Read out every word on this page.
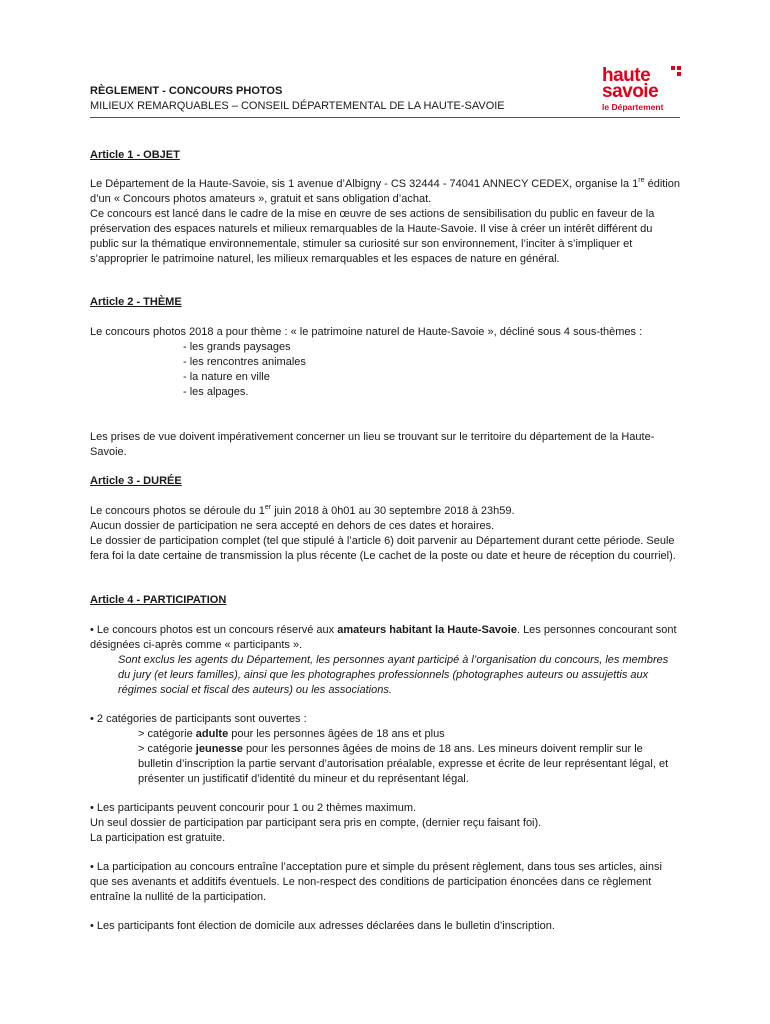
RÈGLEMENT - CONCOURS PHOTOS
MILIEUX REMARQUABLES – CONSEIL DÉPARTEMENTAL DE LA HAUTE-SAVOIE
haute
savoie
le Département
Article 1 - OBJET

Le Département de la Haute-Savoie, sis 1 avenue d’Albigny - CS 32444 - 74041 ANNECY CEDEX, organise la 1re édition d’un « Concours photos amateurs », gratuit et sans obligation d’achat.

Ce concours est lancé dans le cadre de la mise en œuvre de ses actions de sensibilisation du public en faveur de la préservation des espaces naturels et milieux remarquables de la Haute-Savoie. Il vise à créer un intérêt différent du public sur la thématique environnementale, stimuler sa curiosité sur son environnement, l’inciter à s’impliquer et s’approprier le patrimoine naturel, les milieux remarquables et les espaces de nature en général.

Article 2 - THÈME

Le concours photos 2018 a pour thème : « le patrimoine naturel de Haute-Savoie », décliné sous 4 sous-thèmes :

- les grands paysages
- les rencontres animales
- la nature en ville
- les alpages.

Les prises de vue doivent impérativement concerner un lieu se trouvant sur le territoire du département de la Haute-Savoie.

Article 3 - DURÉE

Le concours photos se déroule du 1er juin 2018 à 0h01 au 30 septembre 2018 à 23h59.

Aucun dossier de participation ne sera accepté en dehors de ces dates et horaires.

Le dossier de participation complet (tel que stipulé à l’article 6) doit parvenir au Département durant cette période. Seule fera foi la date certaine de transmission la plus récente (Le cachet de la poste ou date et heure de réception du courriel).

Article 4 - PARTICIPATION

• Le concours photos est un concours réservé aux amateurs habitant la Haute-Savoie. Les personnes concourant sont désignées ci-après comme « participants ».

Sont exclus les agents du Département, les personnes ayant participé à l’organisation du concours, les membres du jury (et leurs familles), ainsi que les photographes professionnels (photographes auteurs ou assujettis aux régimes social et fiscal des auteurs) ou les associations.

• 2 catégories de participants sont ouvertes :

> catégorie adulte pour les personnes âgées de 18 ans et plus

> catégorie jeunesse pour les personnes âgées de moins de 18 ans. Les mineurs doivent remplir sur le bulletin d’inscription la partie servant d’autorisation préalable, expresse et écrite de leur représentant légal, et présenter un justificatif d’identité du mineur et du représentant légal.

• Les participants peuvent concourir pour 1 ou 2 thèmes maximum.

Un seul dossier de participation par participant sera pris en compte, (dernier reçu faisant foi).

La participation est gratuite.

• La participation au concours entraîne l’acceptation pure et simple du présent règlement, dans tous ses articles, ainsi que ses avenants et additifs éventuels. Le non-respect des conditions de participation énoncées dans ce règlement entraîne la nullité de la participation.

• Les participants font élection de domicile aux adresses déclarées dans le bulletin d’inscription.
